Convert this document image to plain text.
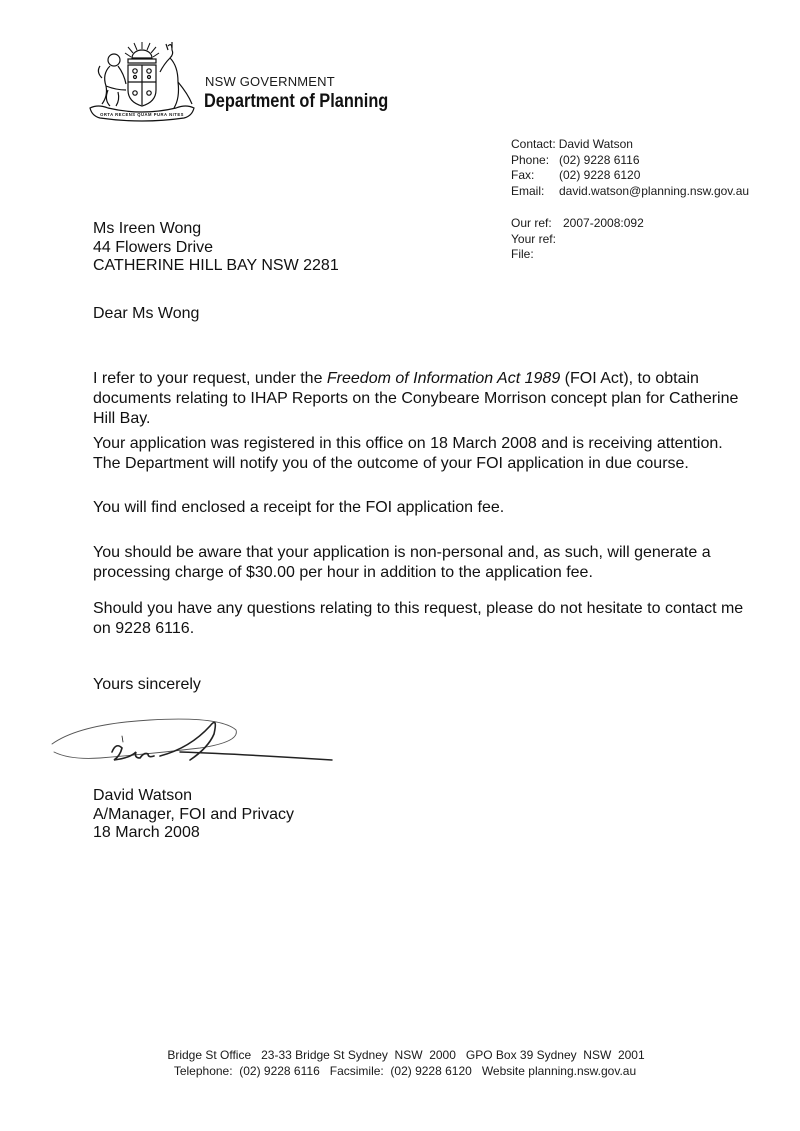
ORTA RECENS QUAM PURA NITES
NSW GOVERNMENT
Department of Planning
Contact: David Watson
Phone: (02) 9228 6116
Fax:	(02) 9228 6120
Email:	david.watson@planning.nsw.gov.au
Our ref: 2007-2008:092
Your ref:
File:
Ms Ireen Wong
44 Flowers Drive
CATHERINE HILL BAY NSW 2281
Dear Ms Wong

I refer to your request, under the Freedom of Information Act 1989 (FOI Act), to obtain documents relating to IHAP Reports on the Conybeare Morrison concept plan for Catherine Hill Bay.

Your application was registered in this office on 18 March 2008 and is receiving attention. The Department will notify you of the outcome of your FOI application in due course.

You will find enclosed a receipt for the FOI application fee.

You should be aware that your application is non-personal and, as such, will generate a processing charge of $30.00 per hour in addition to the application fee.

Should you have any questions relating to this request, please do not hesitate to contact me on 9228 6116.

Yours sincerely
David Watson
A/Manager, FOI and Privacy
18 March 2008
Bridge St Office   23-33 Bridge St Sydney  NSW  2000   GPO Box 39 Sydney  NSW  2001
Telephone:  (02) 9228 6116   Facsimile:  (02) 9228 6120   Website planning.nsw.gov.au
